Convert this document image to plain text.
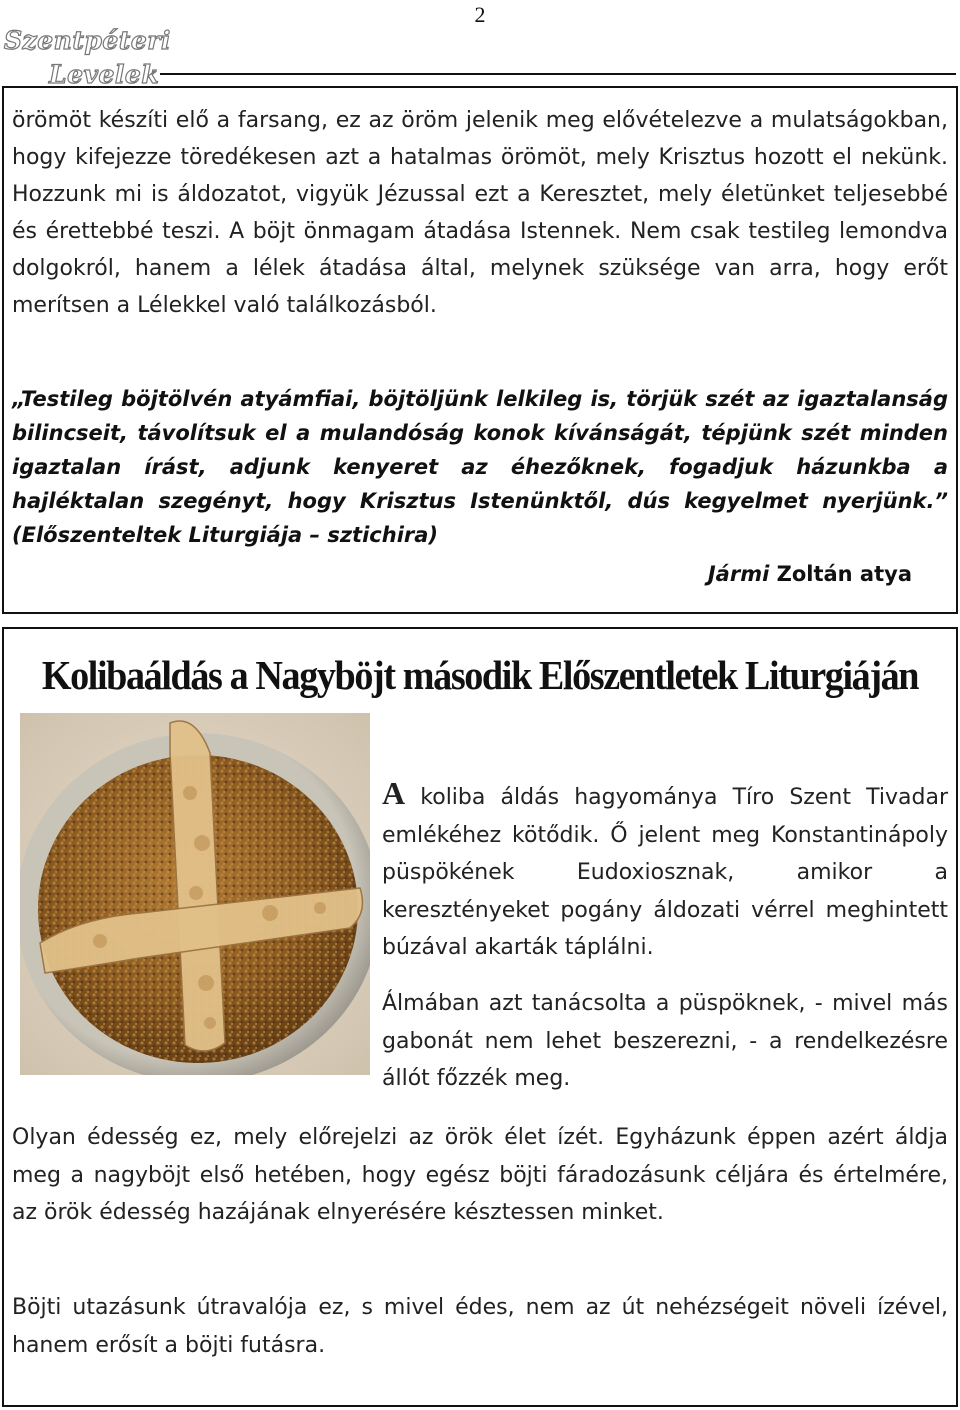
2
Szentpéteri
Levelek
örömöt készíti elő a farsang, ez az öröm jelenik meg elővételezve a mulatságokban, hogy kifejezze töredékesen azt a hatalmas örömöt, mely Krisztus hozott el nekünk. Hozzunk mi is áldozatot, vigyük Jézussal ezt a Keresztet, mely életünket teljesebbé és érettebbé teszi. A böjt önmagam átadása Istennek. Nem csak testileg lemondva dolgokról, hanem a lélek átadása által, melynek szüksége van arra, hogy erőt merítsen a Lélekkel való találkozásból.
„Testileg böjtölvén atyámfiai, böjtöljünk lelkileg is, törjük szét az igaztalanság bilincseit, távolítsuk el a mulandóság konok kívánságát, tépjünk szét minden igaztalan írást, adjunk kenyeret az éhezőknek, fogadjuk házunkba a hajléktalan szegényt, hogy Krisztus Istenünktől, dús kegyelmet nyerjünk.” (Előszenteltek Liturgiája – sztichira)
Jármi Zoltán atya
Kolibaáldás a Nagyböjt második Előszentletek Liturgiáján
A koliba áldás hagyománya Tíro Szent Tivadar emlékéhez kötődik. Ő jelent meg Konstantinápoly püspökének Eudoxiosznak, amikor a keresztényeket pogány áldozati vérrel meghintett búzával akarták táplálni.
Álmában azt tanácsolta a püspöknek, - mivel más gabonát nem lehet beszerezni, - a rendelkezésre állót főzzék meg.
Olyan édesség ez, mely előrejelzi az örök élet ízét. Egyházunk éppen azért áldja meg a nagyböjt első hetében, hogy egész böjti fáradozásunk céljára és értelmére, az örök édesség hazájának elnyerésére késztessen minket.
Böjti utazásunk útravalója ez, s mivel édes, nem az út nehézségeit növeli ízével, hanem erősít a böjti futásra.
